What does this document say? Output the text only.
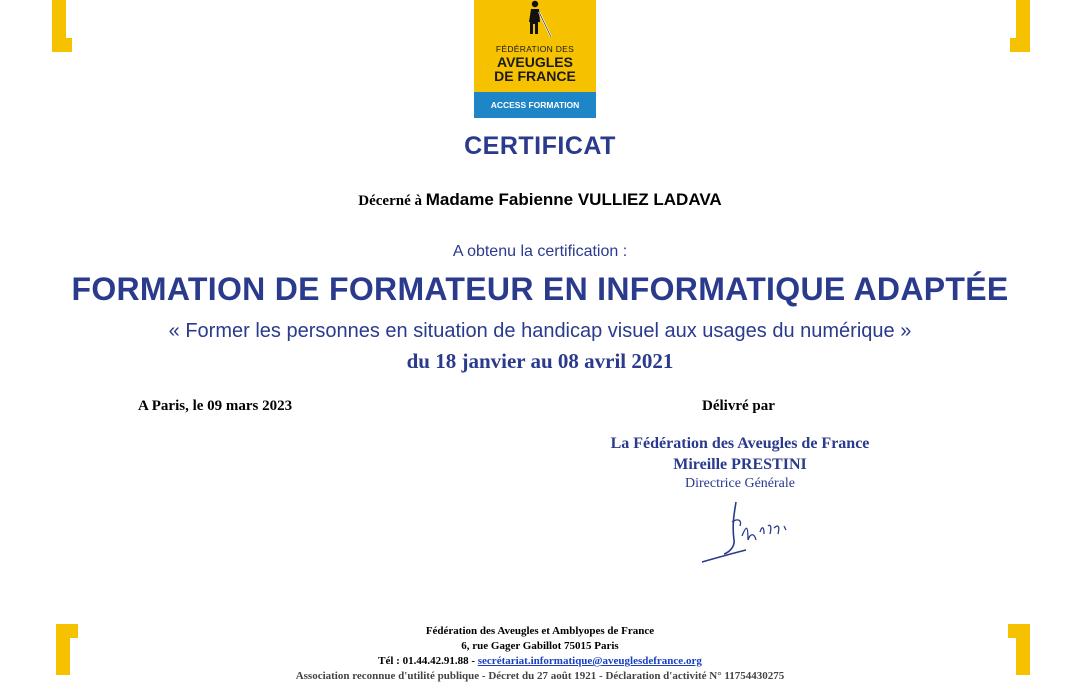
FÉDÉRATION DES
AVEUGLES
DE FRANCE
ACCESS FORMATION
CERTIFICAT
Décerné à Madame Fabienne VULLIEZ LADAVA
A obtenu la certification :
FORMATION DE FORMATEUR EN INFORMATIQUE ADAPTÉE
« Former les personnes en situation de handicap visuel aux usages du numérique »
du 18 janvier au 08 avril 2021
A Paris, le 09 mars 2023	Délivré par
La Fédération des Aveugles de France
Mireille PRESTINI
Directrice Générale
Fédération des Aveugles et Amblyopes de France
6, rue Gager Gabillot 75015 Paris
Tél : 01.44.42.91.88 - secrétariat.informatique@aveuglesdefrance.org
Association reconnue d'utilité publique - Décret du 27 août 1921 - Déclaration d'activité N° 11754430275
